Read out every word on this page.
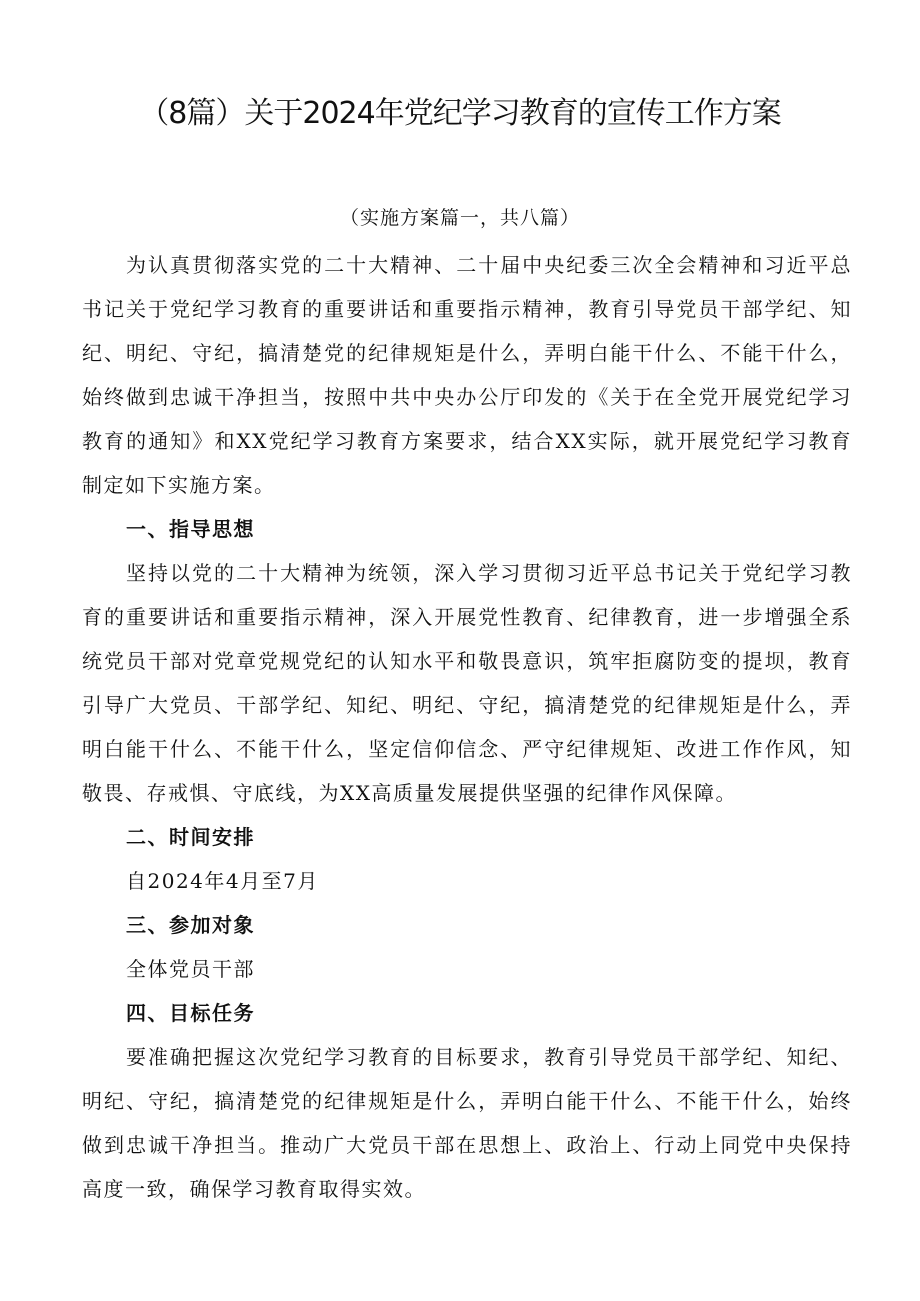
（8篇）关于2024年党纪学习教育的宣传工作方案
（实施方案篇一，共八篇）

为认真贯彻落实党的二十大精神、二十届中央纪委三次全会精神和习近平总书记关于党纪学习教育的重要讲话和重要指示精神，教育引导党员干部学纪、知纪、明纪、守纪，搞清楚党的纪律规矩是什么，弄明白能干什么、不能干什么，始终做到忠诚干净担当，按照中共中央办公厅印发的《关于在全党开展党纪学习教育的通知》和XX党纪学习教育方案要求，结合XX实际，就开展党纪学习教育制定如下实施方案。

一、指导思想

坚持以党的二十大精神为统领，深入学习贯彻习近平总书记关于党纪学习教育的重要讲话和重要指示精神，深入开展党性教育、纪律教育，进一步增强全系统党员干部对党章党规党纪的认知水平和敬畏意识，筑牢拒腐防变的提坝，教育引导广大党员、干部学纪、知纪、明纪、守纪，搞清楚党的纪律规矩是什么，弄明白能干什么、不能干什么，坚定信仰信念、严守纪律规矩、改进工作作风，知敬畏、存戒惧、守底线，为XX高质量发展提供坚强的纪律作风保障。

二、时间安排

自2024年4月至7月

三、参加对象

全体党员干部

四、目标任务

要准确把握这次党纪学习教育的目标要求，教育引导党员干部学纪、知纪、明纪、守纪，搞清楚党的纪律规矩是什么，弄明白能干什么、不能干什么，始终做到忠诚干净担当。推动广大党员干部在思想上、政治上、行动上同党中央保持高度一致，确保学习教育取得实效。
